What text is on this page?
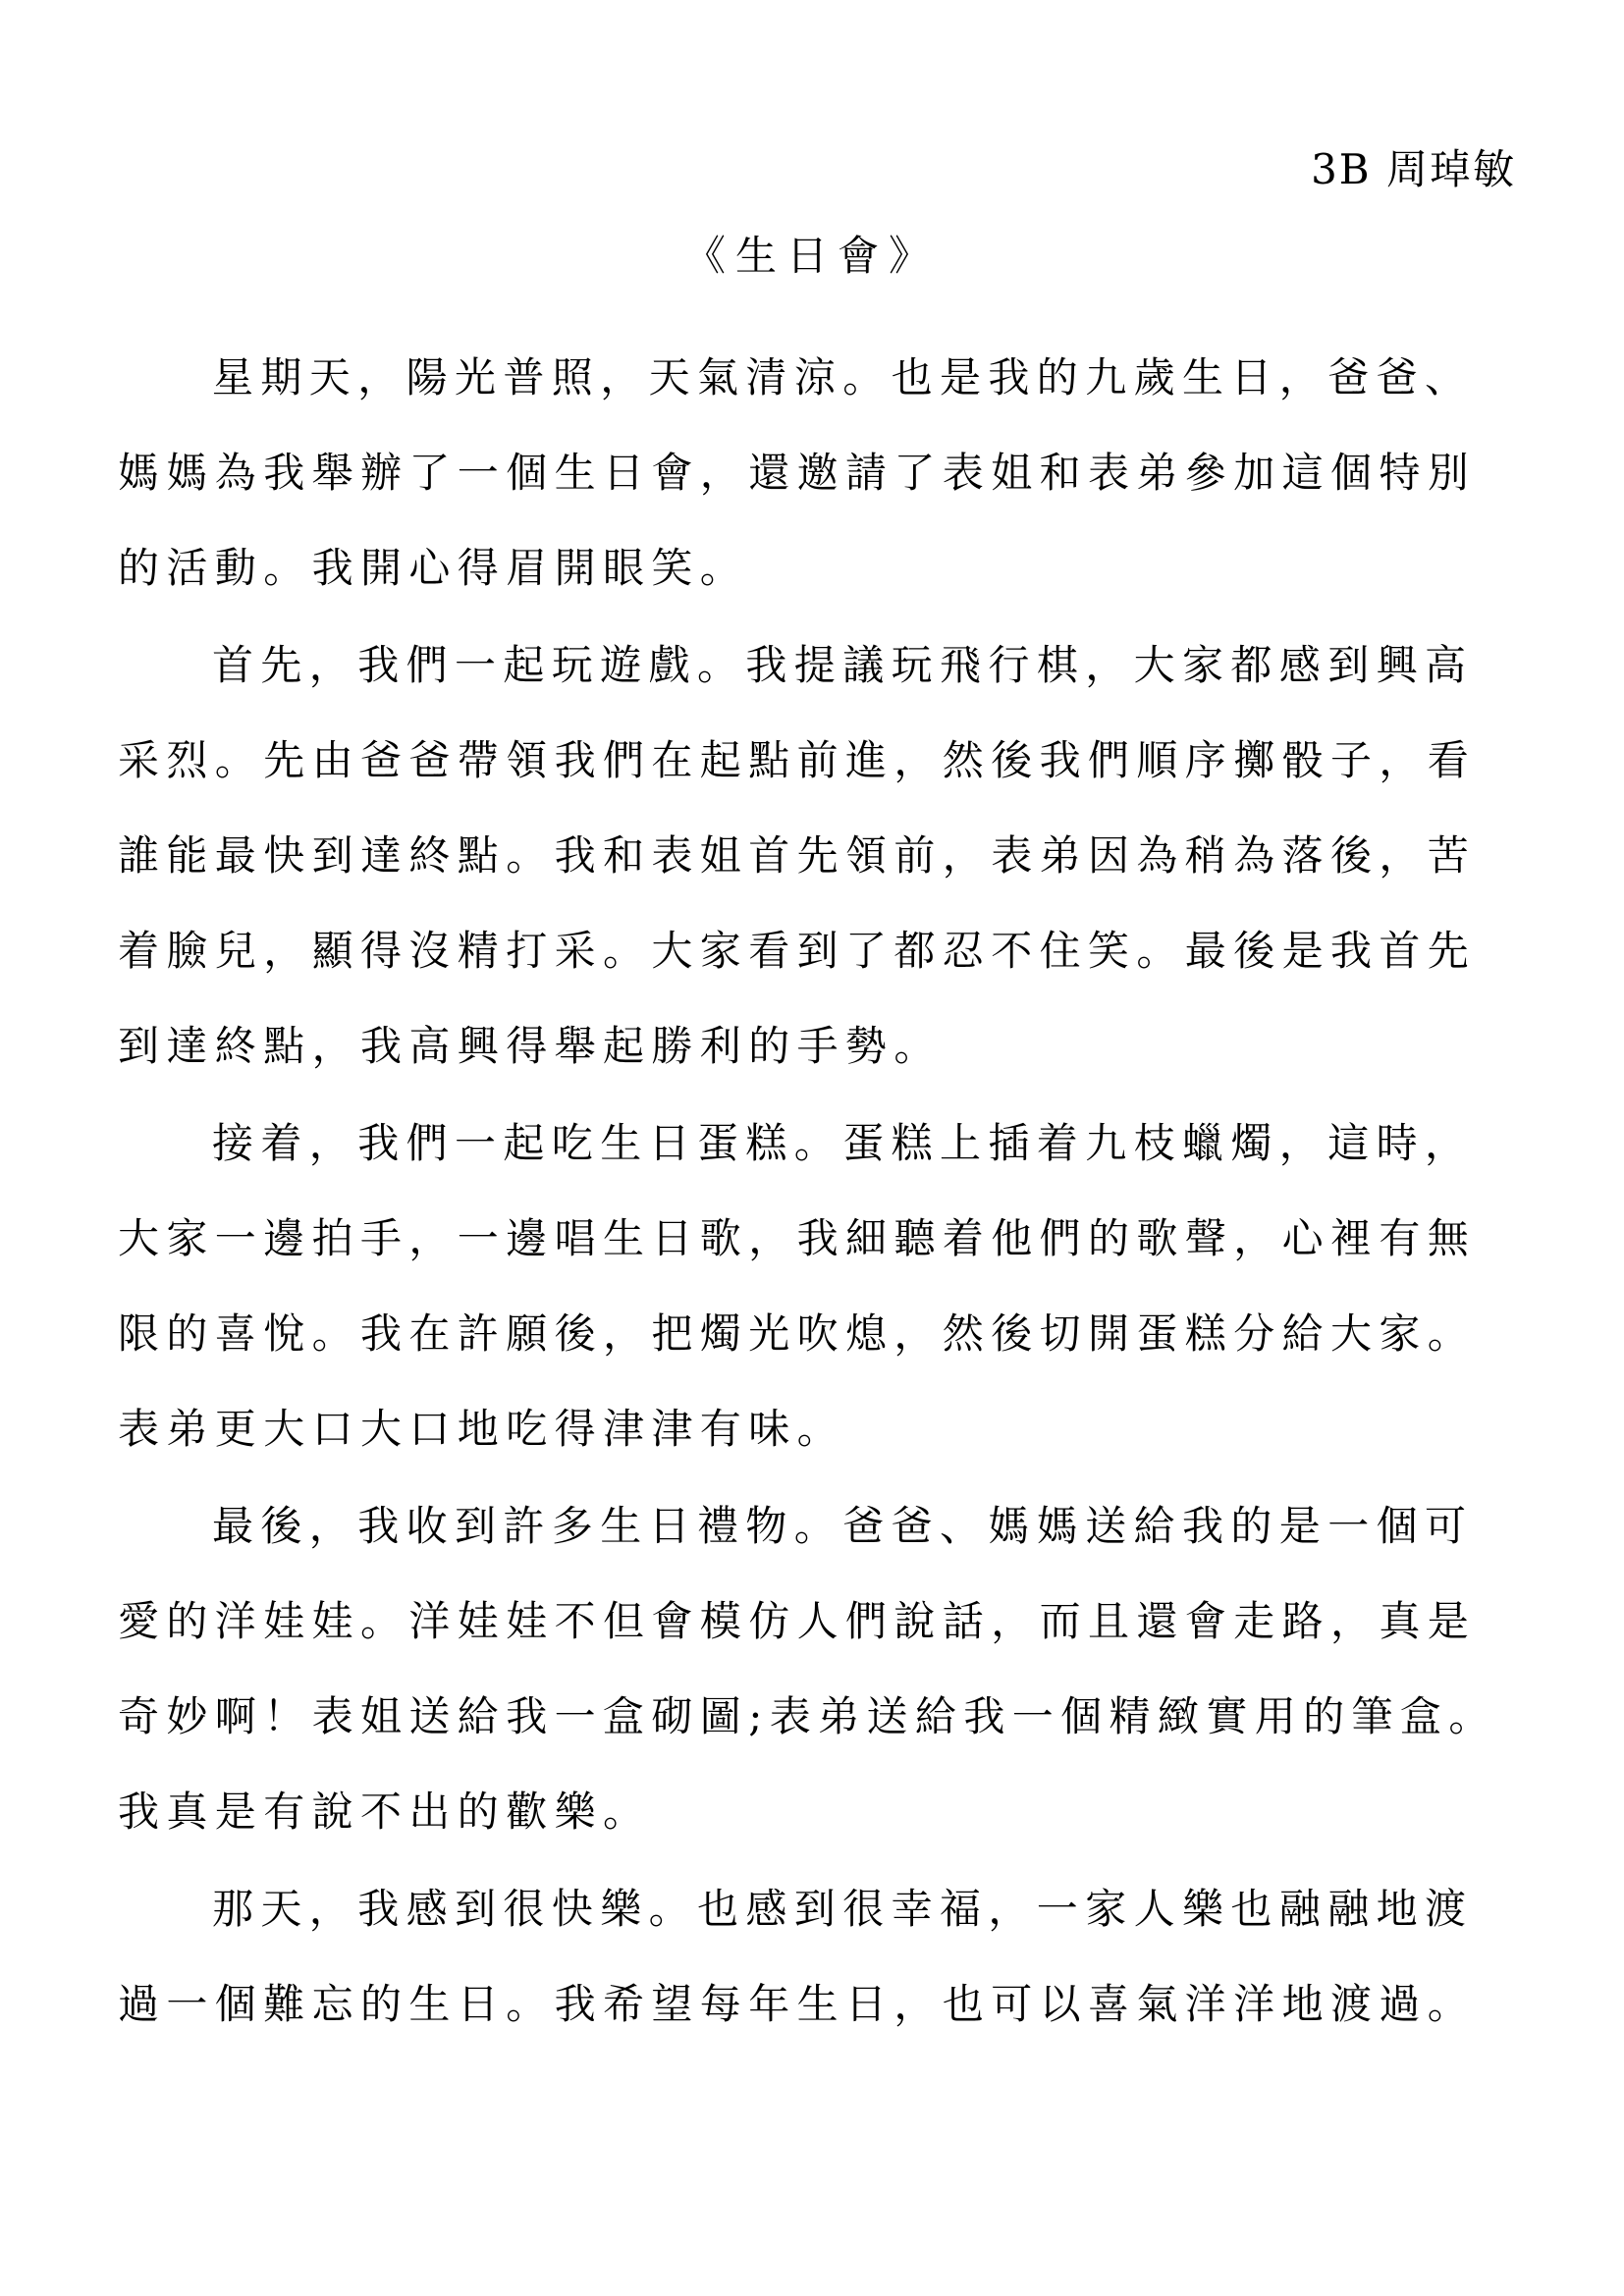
3B 周琸敏
《生日會》
星期天，陽光普照，天氣清涼。也是我的九歲生日，爸爸、
媽媽為我舉辦了一個生日會，還邀請了表姐和表弟參加這個特別
的活動。我開心得眉開眼笑。
首先，我們一起玩遊戲。我提議玩飛行棋，大家都感到興高
采烈。先由爸爸帶領我們在起點前進，然後我們順序擲骰子，看
誰能最快到達終點。我和表姐首先領前，表弟因為稍為落後，苦
着臉兒，顯得沒精打采。大家看到了都忍不住笑。最後是我首先
到達終點，我高興得舉起勝利的手勢。
接着，我們一起吃生日蛋糕。蛋糕上插着九枝蠟燭，這時，
大家一邊拍手，一邊唱生日歌，我細聽着他們的歌聲，心裡有無
限的喜悅。我在許願後，把燭光吹熄，然後切開蛋糕分給大家。
表弟更大口大口地吃得津津有味。
最後，我收到許多生日禮物。爸爸、媽媽送給我的是一個可
愛的洋娃娃。洋娃娃不但會模仿人們說話，而且還會走路，真是
奇妙啊！表姐送給我一盒砌圖;表弟送給我一個精緻實用的筆盒。
我真是有說不出的歡樂。
那天，我感到很快樂。也感到很幸福，一家人樂也融融地渡
過一個難忘的生日。我希望每年生日，也可以喜氣洋洋地渡過。
